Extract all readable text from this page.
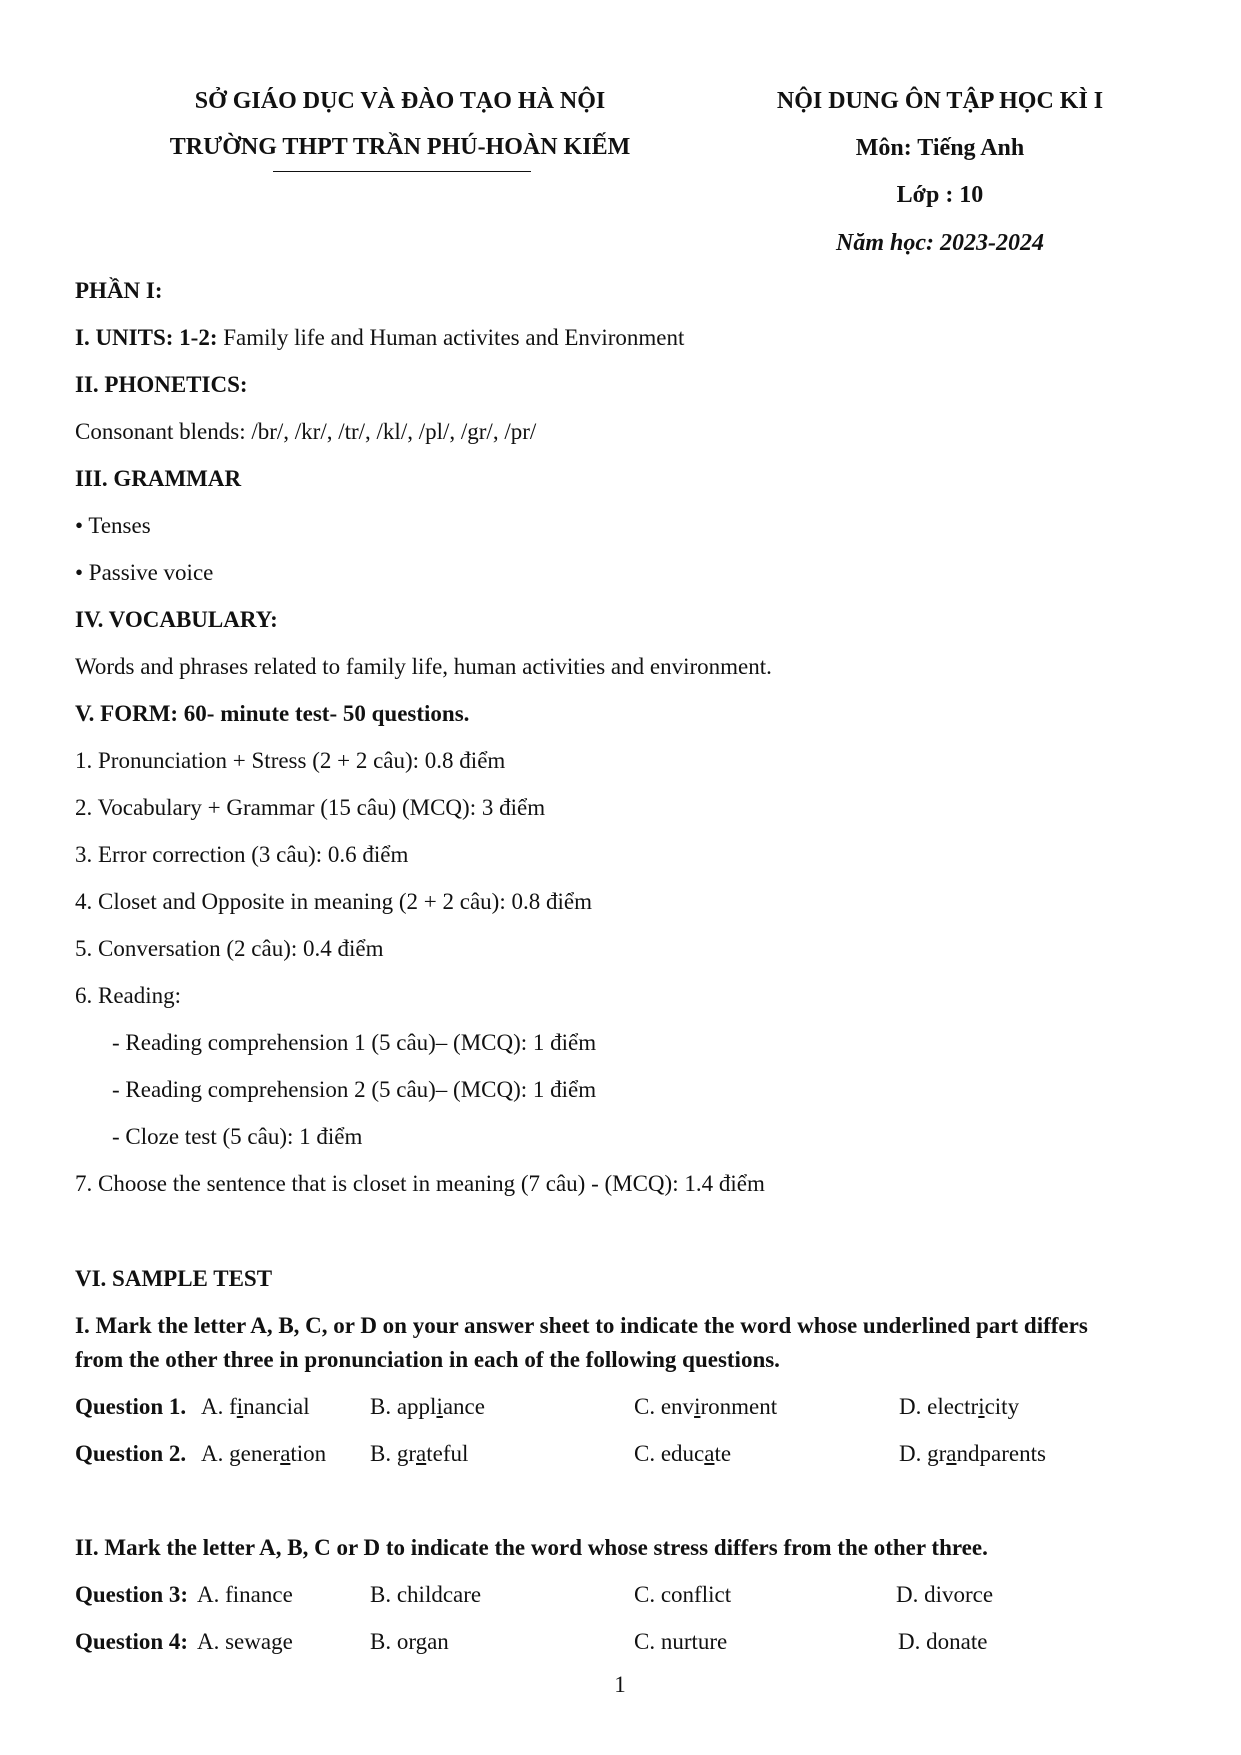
SỞ GIÁO DỤC VÀ ĐÀO TẠO HÀ NỘI
TRƯỜNG THPT TRẦN PHÚ-HOÀN KIẾM
NỘI DUNG ÔN TẬP HỌC KÌ I
Môn: Tiếng Anh
Lớp : 10
Năm học: 2023-2024
PHẦN I:
I. UNITS: 1-2: Family life and Human activites and Environment
II. PHONETICS:
Consonant blends: /br/, /kr/, /tr/, /kl/, /pl/, /gr/, /pr/
III. GRAMMAR
• Tenses
• Passive voice
IV. VOCABULARY:
Words and phrases related to family life, human activities and environment.
V. FORM: 60- minute test- 50 questions.
1. Pronunciation + Stress (2 + 2 câu): 0.8 điểm
2. Vocabulary + Grammar (15 câu) (MCQ): 3 điểm
3. Error correction (3 câu): 0.6 điểm
4. Closet and Opposite in meaning (2 + 2 câu): 0.8 điểm
5. Conversation (2 câu): 0.4 điểm
6. Reading:
- Reading comprehension 1 (5 câu)– (MCQ): 1 điểm
- Reading comprehension 2 (5 câu)– (MCQ): 1 điểm
- Cloze test (5 câu): 1 điểm
7. Choose the sentence that is closet in meaning (7 câu) - (MCQ): 1.4 điểm
VI. SAMPLE TEST
I. Mark the letter A, B, C, or D on your answer sheet to indicate the word whose underlined part differs
from the other three in pronunciation in each of the following questions.
Question 1. A. financial	B. appliance	C. environment	D. electricity
Question 2. A. generation B. grateful	C. educate	D. grandparents
II. Mark the letter A, B, C or D to indicate the word whose stress differs from the other three.
Question 3: A. finance	B. childcare	C. conflict	D. divorce
Question 4: A. sewage	B. organ	C. nurture	D. donate
1
